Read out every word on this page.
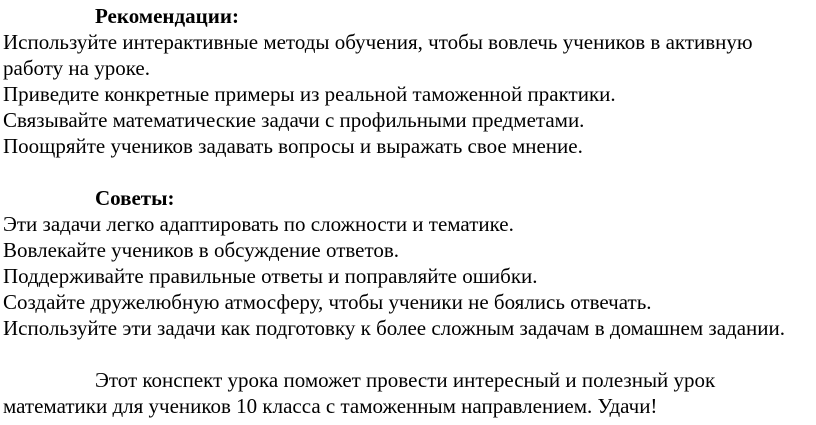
Рекомендации:

Используйте интерактивные методы обучения, чтобы вовлечь учеников в активную

работу на уроке.

Приведите конкретные примеры из реальной таможенной практики.

Связывайте математические задачи с профильными предметами.

Поощряйте учеников задавать вопросы и выражать свое мнение.

Советы:

Эти задачи легко адаптировать по сложности и тематике.

Вовлекайте учеников в обсуждение ответов.

Поддерживайте правильные ответы и поправляйте ошибки.

Создайте дружелюбную атмосферу, чтобы ученики не боялись отвечать.

Используйте эти задачи как подготовку к более сложным задачам в домашнем задании.

Этот конспект урока поможет провести интересный и полезный урок

математики для учеников 10 класса с таможенным направлением. Удачи!
